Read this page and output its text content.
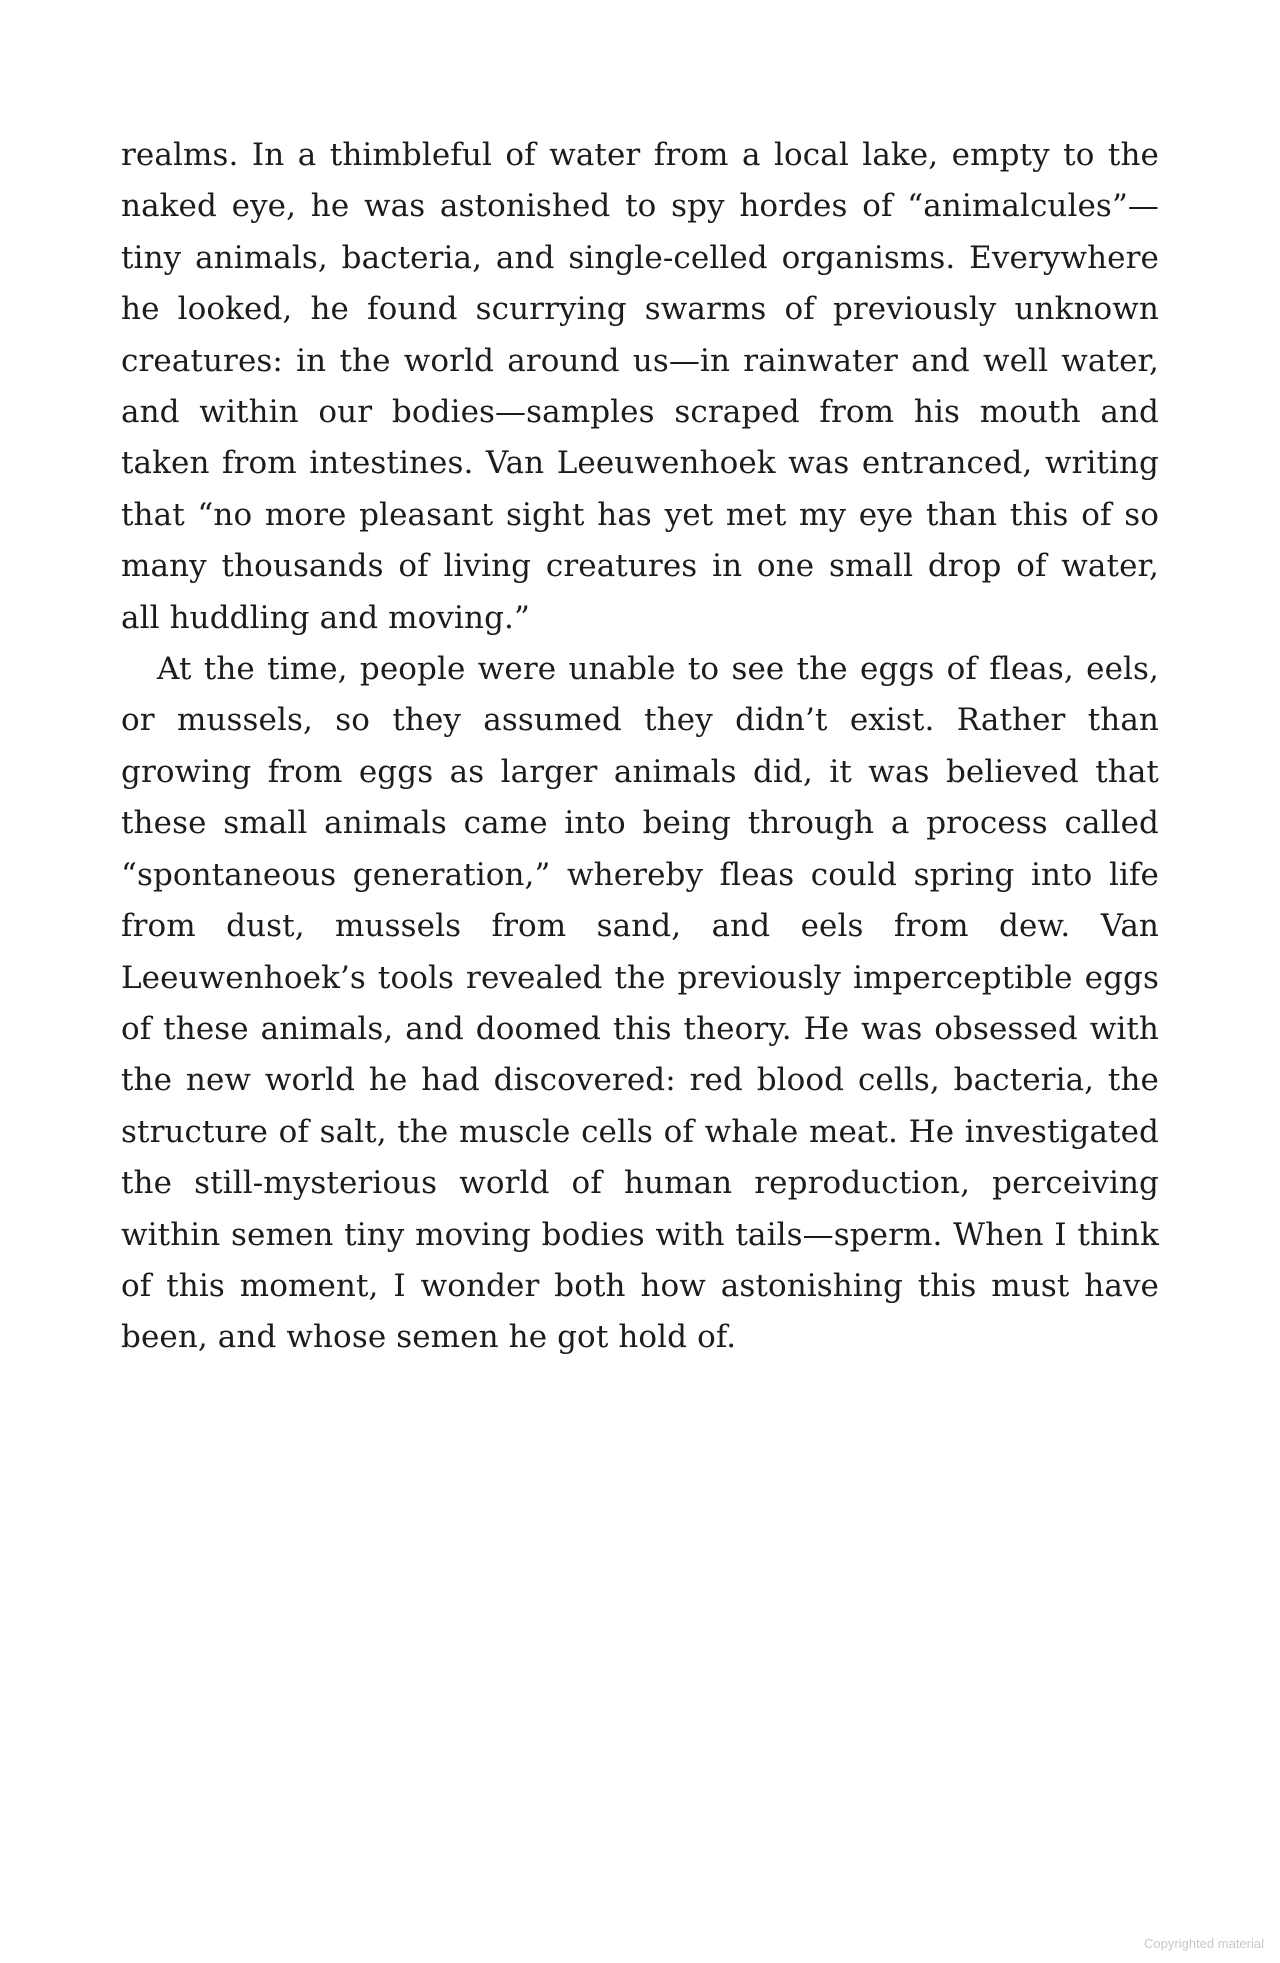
realms. In a thimbleful of water from a local lake, empty to the naked eye, he was astonished to spy hordes of “animalcules”—tiny animals, bacteria, and single-celled organisms. Everywhere he looked, he found scurrying swarms of previously unknown creatures: in the world around us—in rainwater and well water, and within our bodies—samples scraped from his mouth and taken from intestines. Van Leeuwenhoek was entranced, writing that “no more pleasant sight has yet met my eye than this of so many thousands of living creatures in one small drop of water, all huddling and moving.”

At the time, people were unable to see the eggs of fleas, eels, or mussels, so they assumed they didn’t exist. Rather than growing from eggs as larger animals did, it was believed that these small animals came into being through a process called “spontaneous generation,” whereby fleas could spring into life from dust, mussels from sand, and eels from dew. Van Leeuwenhoek’s tools revealed the previously imperceptible eggs of these animals, and doomed this theory. He was obsessed with the new world he had discovered: red blood cells, bacteria, the structure of salt, the muscle cells of whale meat. He investigated the still-mysterious world of human reproduction, perceiving within semen tiny moving bodies with tails—sperm. When I think of this moment, I wonder both how astonishing this must have been, and whose semen he got hold of.

Copyrighted material
